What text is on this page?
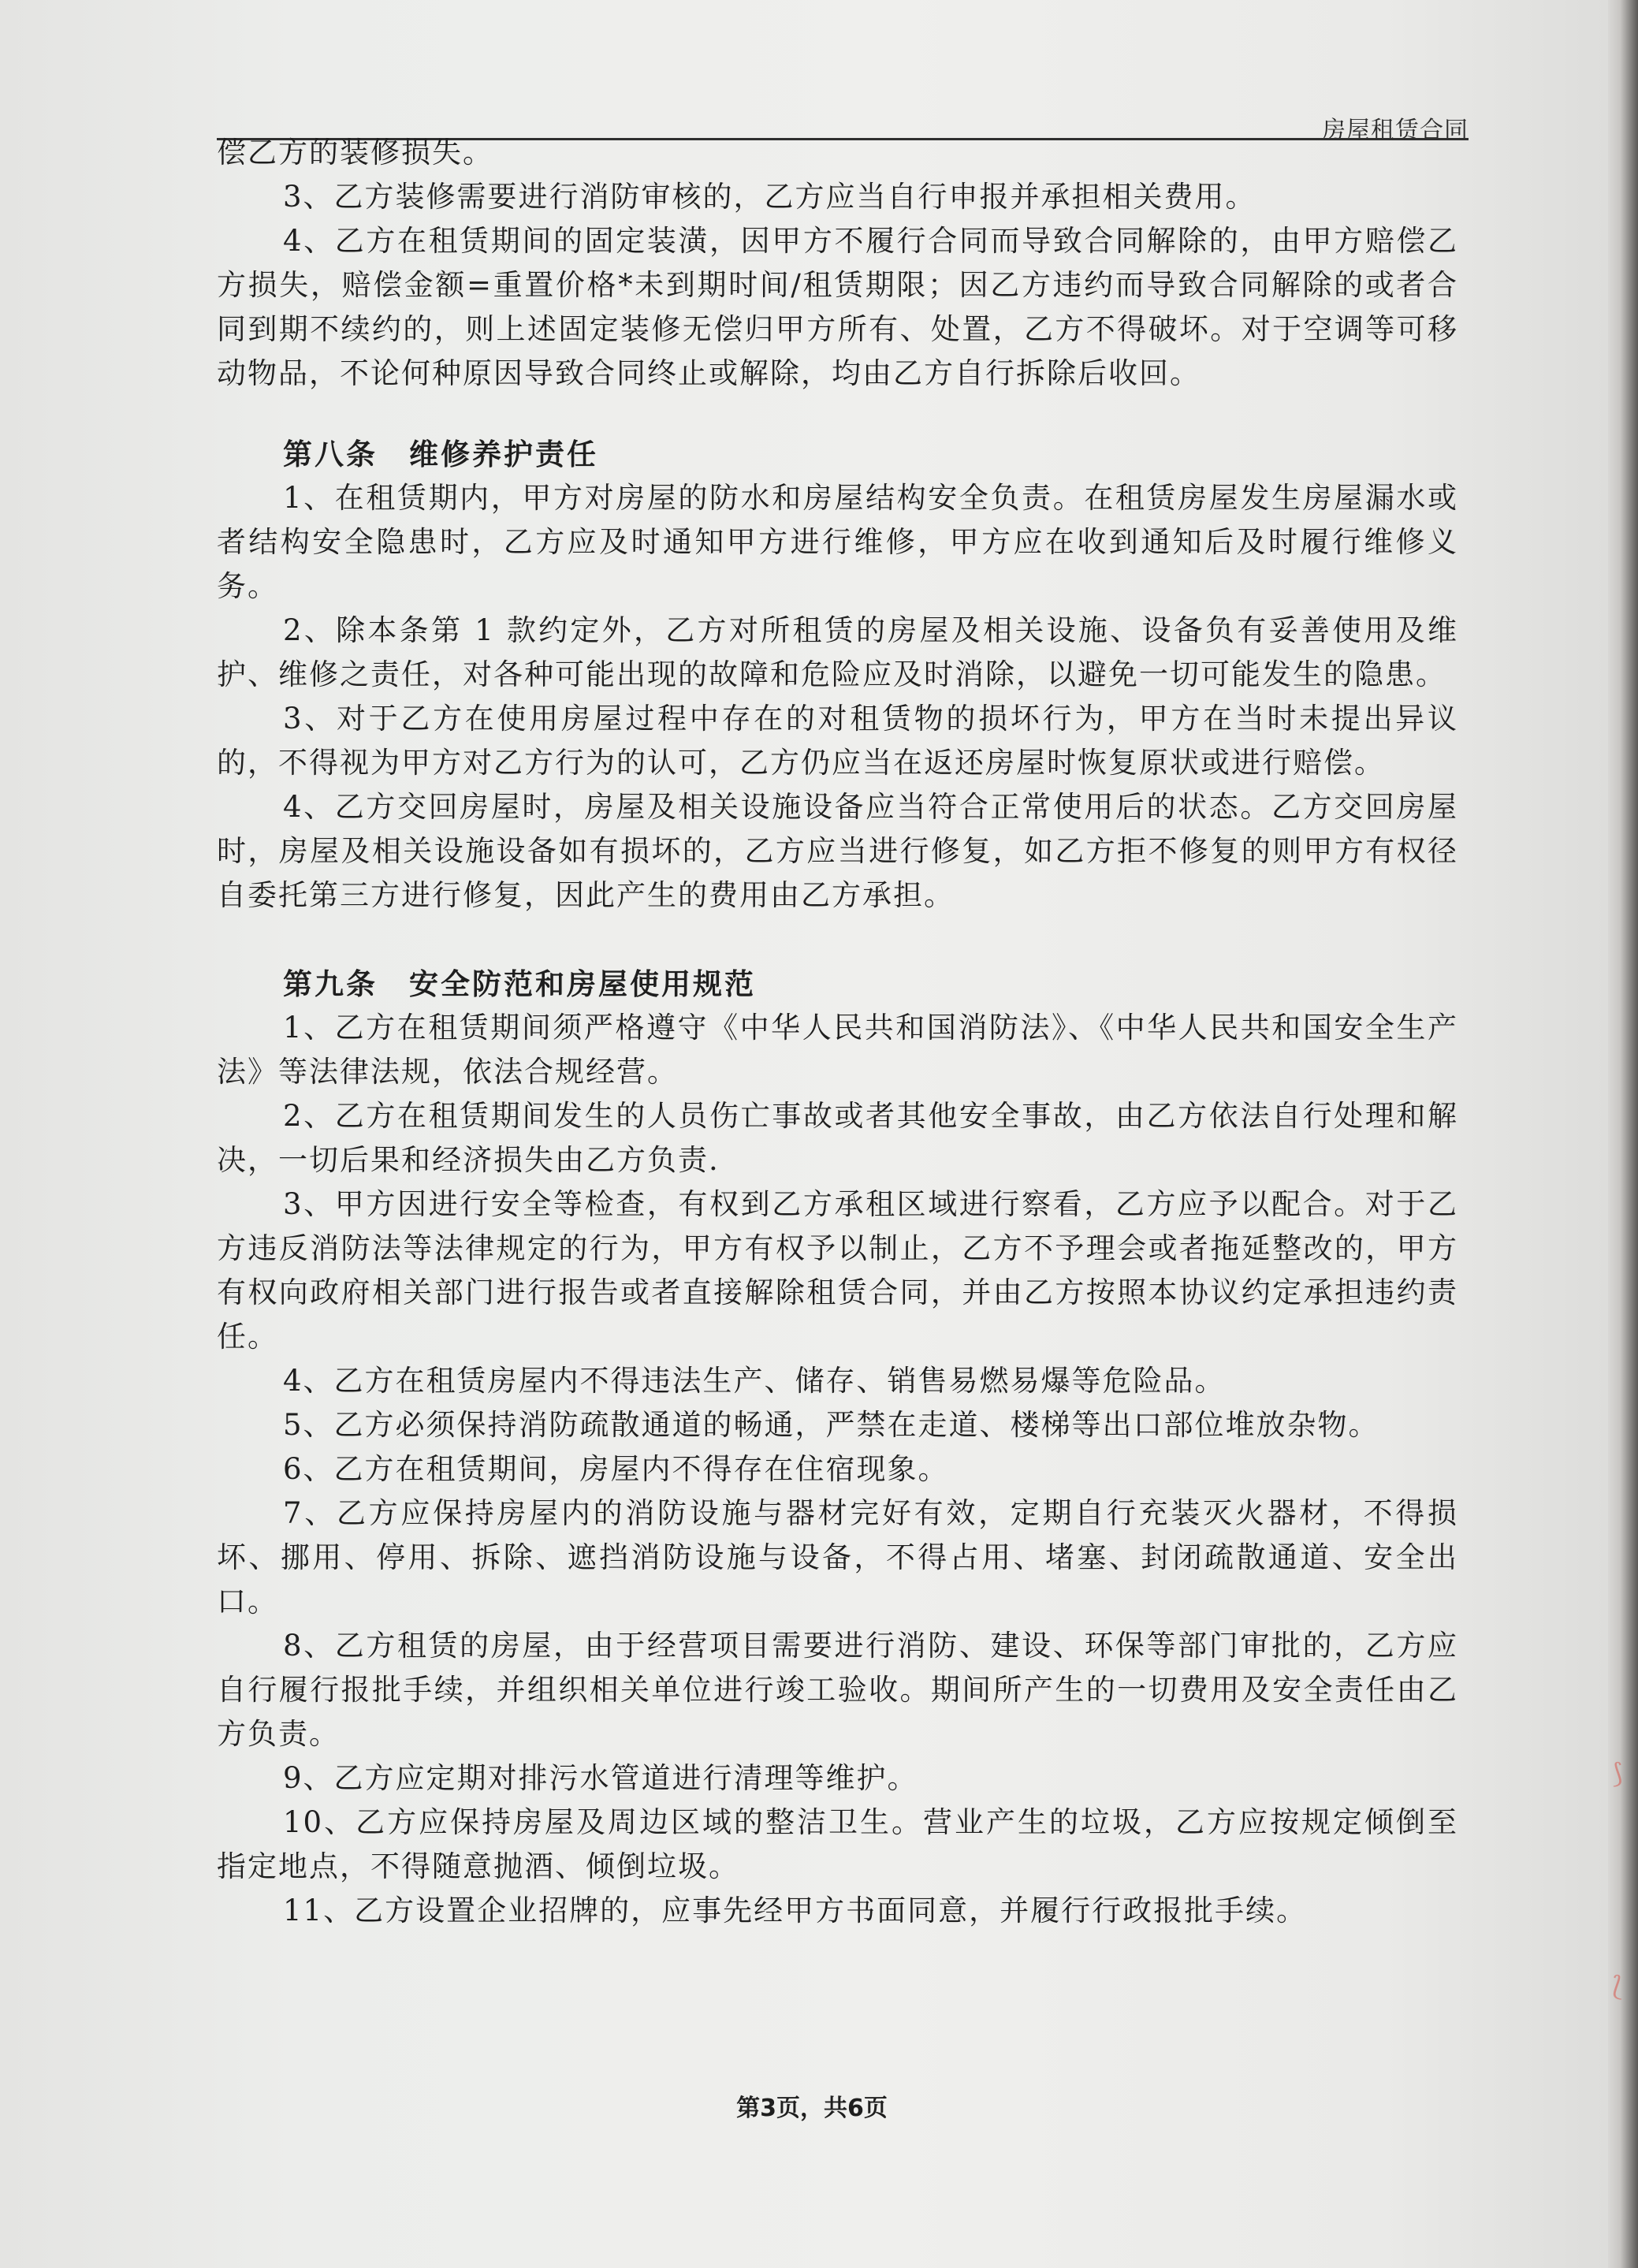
⟆
⟅
房屋租赁合同

偿乙方的装修损失。

3、乙方装修需要进行消防审核的，乙方应当自行申报并承担相关费用。

4、乙方在租赁期间的固定装潢，因甲方不履行合同而导致合同解除的，由甲方赔偿乙方损失，赔偿金额=重置价格*未到期时间/租赁期限；因乙方违约而导致合同解除的或者合同到期不续约的，则上述固定装修无偿归甲方所有、处置，乙方不得破坏。对于空调等可移动物品，不论何种原因导致合同终止或解除，均由乙方自行拆除后收回。

第八条　维修养护责任

1、在租赁期内，甲方对房屋的防水和房屋结构安全负责。在租赁房屋发生房屋漏水或者结构安全隐患时，乙方应及时通知甲方进行维修，甲方应在收到通知后及时履行维修义务。

2、除本条第 1 款约定外，乙方对所租赁的房屋及相关设施、设备负有妥善使用及维护、维修之责任，对各种可能出现的故障和危险应及时消除，以避免一切可能发生的隐患。

3、对于乙方在使用房屋过程中存在的对租赁物的损坏行为，甲方在当时未提出异议的，不得视为甲方对乙方行为的认可，乙方仍应当在返还房屋时恢复原状或进行赔偿。

4、乙方交回房屋时，房屋及相关设施设备应当符合正常使用后的状态。乙方交回房屋时，房屋及相关设施设备如有损坏的，乙方应当进行修复，如乙方拒不修复的则甲方有权径自委托第三方进行修复，因此产生的费用由乙方承担。

第九条　安全防范和房屋使用规范

1、乙方在租赁期间须严格遵守《中华人民共和国消防法》、《中华人民共和国安全生产法》等法律法规，依法合规经营。

2、乙方在租赁期间发生的人员伤亡事故或者其他安全事故，由乙方依法自行处理和解决，一切后果和经济损失由乙方负责.

3、甲方因进行安全等检查，有权到乙方承租区域进行察看，乙方应予以配合。对于乙方违反消防法等法律规定的行为，甲方有权予以制止，乙方不予理会或者拖延整改的，甲方有权向政府相关部门进行报告或者直接解除租赁合同，并由乙方按照本协议约定承担违约责任。

4、乙方在租赁房屋内不得违法生产、储存、销售易燃易爆等危险品。

5、乙方必须保持消防疏散通道的畅通，严禁在走道、楼梯等出口部位堆放杂物。

6、乙方在租赁期间，房屋内不得存在住宿现象。

7、乙方应保持房屋内的消防设施与器材完好有效，定期自行充装灭火器材，不得损坏、挪用、停用、拆除、遮挡消防设施与设备，不得占用、堵塞、封闭疏散通道、安全出口。

8、乙方租赁的房屋，由于经营项目需要进行消防、建设、环保等部门审批的，乙方应自行履行报批手续，并组织相关单位进行竣工验收。期间所产生的一切费用及安全责任由乙方负责。

9、乙方应定期对排污水管道进行清理等维护。

10、乙方应保持房屋及周边区域的整洁卫生。营业产生的垃圾，乙方应按规定倾倒至指定地点，不得随意抛酒、倾倒垃圾。

11、乙方设置企业招牌的，应事先经甲方书面同意，并履行行政报批手续。

第3页，共6页
